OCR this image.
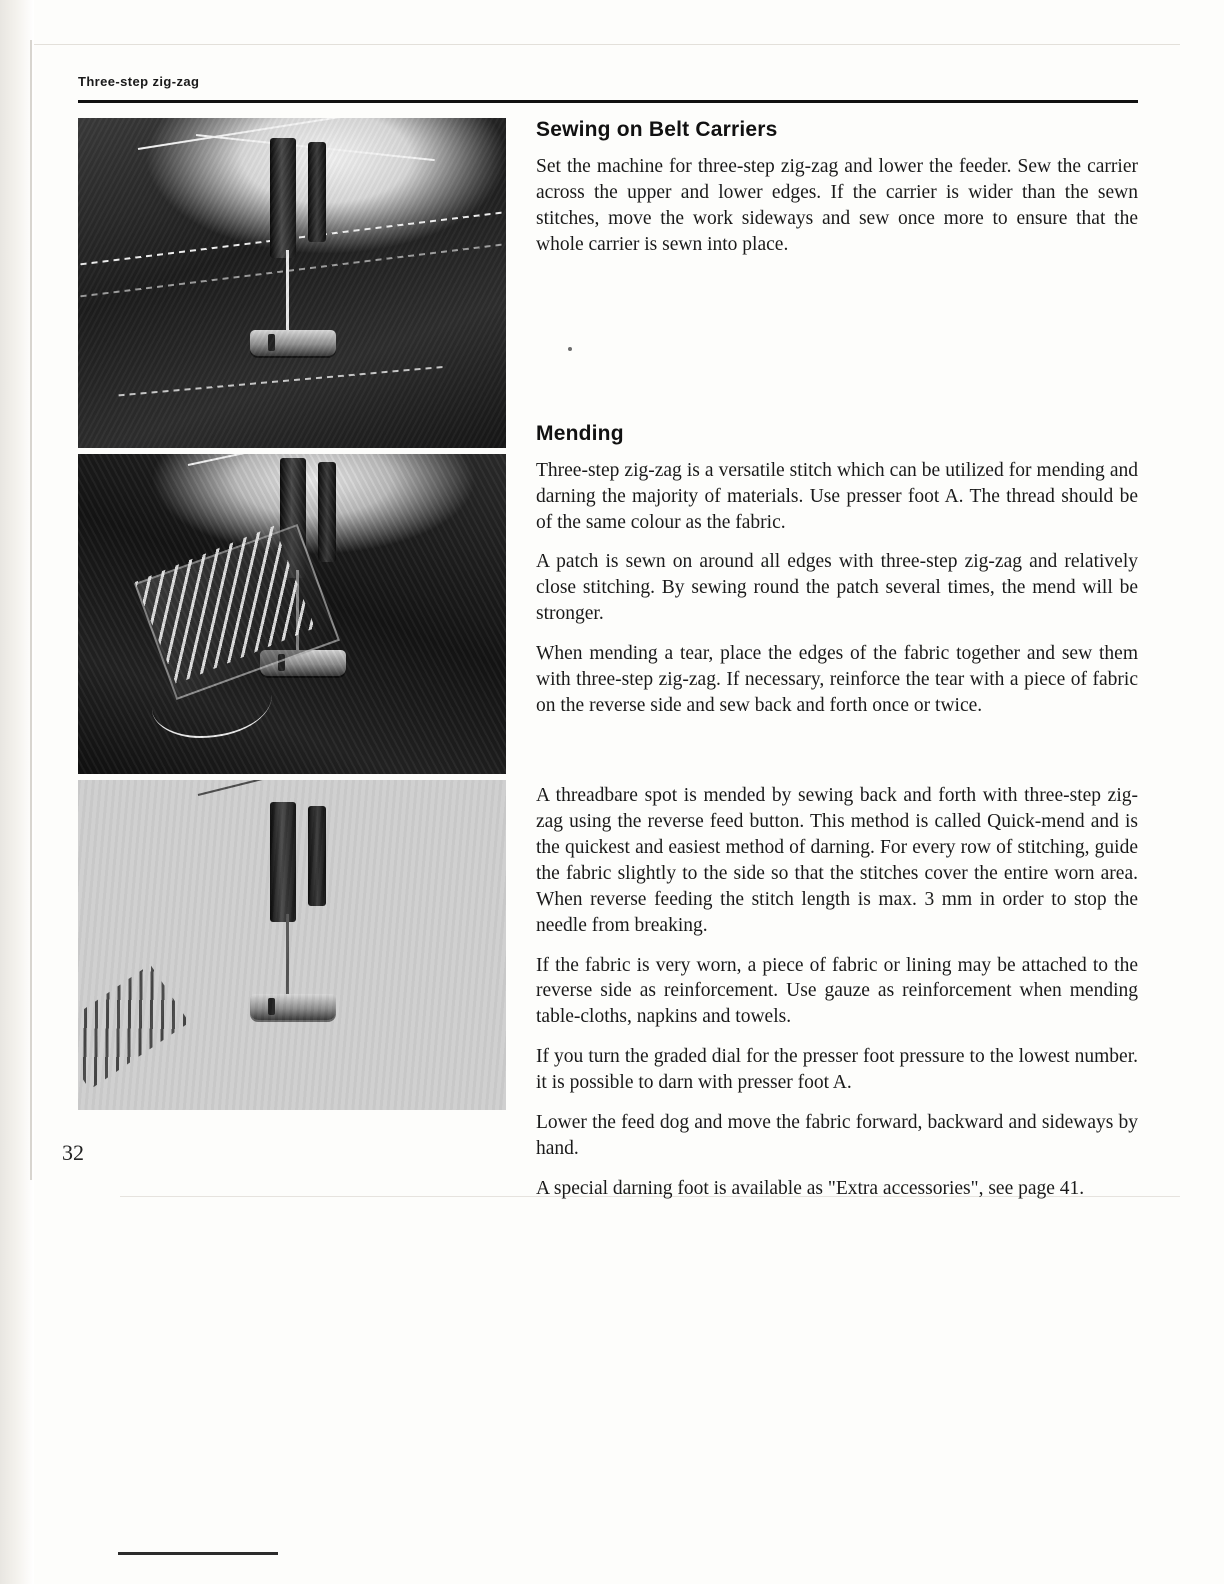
Three-step zig-zag
Sewing on Belt Carriers

Set the machine for three-step zig-zag and lower the feeder. Sew the carrier across the upper and lower edges. If the carrier is wider than the sewn stitches, move the work sideways and sew once more to ensure that the whole carrier is sewn into place.

Mending

Three-step zig-zag is a versatile stitch which can be utilized for mending and darning the majority of materials. Use presser foot A. The thread should be of the same colour as the fabric.

A patch is sewn on around all edges with three-step zig-zag and relatively close stitching. By sewing round the patch several times, the mend will be stronger.

When mending a tear, place the edges of the fabric together and sew them with three-step zig-zag. If necessary, reinforce the tear with a piece of fabric on the reverse side and sew back and forth once or twice.

A threadbare spot is mended by sewing back and forth with three-step zig-zag using the reverse feed button. This method is called Quick-mend and is the quickest and easiest method of darning. For every row of stitching, guide the fabric slightly to the side so that the stitches cover the entire worn area. When reverse feeding the stitch length is max. 3 mm in order to stop the needle from breaking.

If the fabric is very worn, a piece of fabric or lining may be attached to the reverse side as reinforcement. Use gauze as reinforcement when mending table-cloths, napkins and towels.

If you turn the graded dial for the presser foot pressure to the lowest number. it is possible to darn with presser foot A.

Lower the feed dog and move the fabric forward, backward and sideways by hand.

A special darning foot is available as "Extra accessories", see page 41.

32
